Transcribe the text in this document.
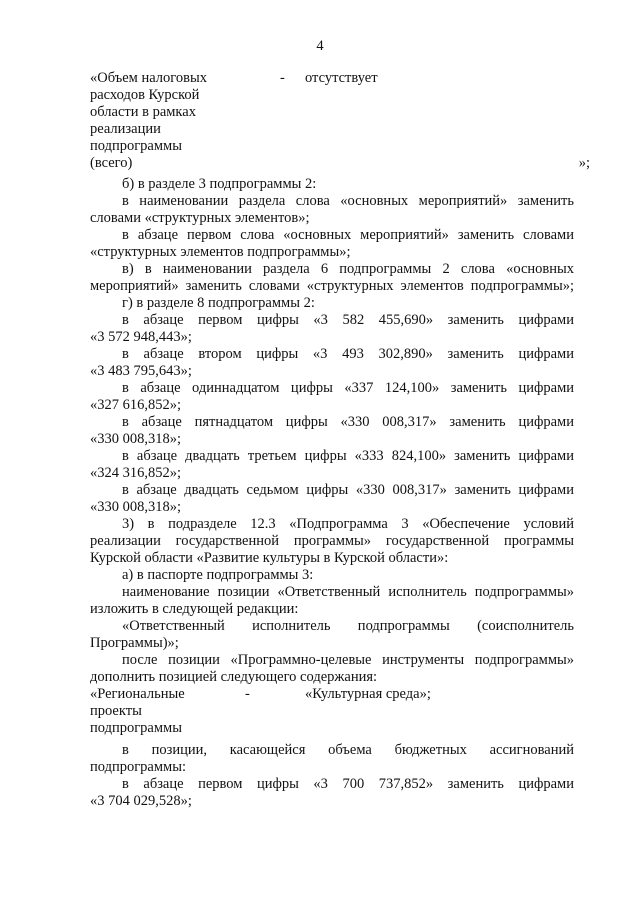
4
«Объем налоговых
расходов Курской
области в рамках
реализации
подпрограммы
(всего)
- отсутствует
»;
б) в разделе 3 подпрограммы 2:
в наименовании раздела слова «основных мероприятий» заменить
словами «структурных элементов»;
в абзаце первом слова «основных мероприятий» заменить словами
«структурных элементов подпрограммы»;
в) в наименовании раздела 6 подпрограммы 2 слова «основных
мероприятий» заменить словами «структурных элементов подпрограммы»;
г) в разделе 8 подпрограммы 2:
в абзаце первом цифры «3 582 455,690» заменить цифрами
«3 572 948,443»;
в абзаце втором цифры «3 493 302,890» заменить цифрами
«3 483 795,643»;
в абзаце одиннадцатом цифры «337 124,100» заменить цифрами
«327 616,852»;
в абзаце пятнадцатом цифры «330 008,317» заменить цифрами
«330 008,318»;
в абзаце двадцать третьем цифры «333 824,100» заменить цифрами
«324 316,852»;
в абзаце двадцать седьмом цифры «330 008,317» заменить цифрами
«330 008,318»;
3) в подразделе 12.3 «Подпрограмма 3 «Обеспечение условий
реализации государственной программы» государственной программы
Курской области «Развитие культуры в Курской области»:
а) в паспорте подпрограммы 3:
наименование позиции «Ответственный исполнитель подпрограммы»
изложить в следующей редакции:
«Ответственный исполнитель подпрограммы (соисполнитель
Программы)»;
после позиции «Программно-целевые инструменты подпрограммы»
дополнить позицией следующего содержания:
«Региональные
проекты
подпрограммы
-	«Культурная среда»;
в позиции, касающейся объема бюджетных ассигнований
подпрограммы:
в абзаце первом цифры «3 700 737,852» заменить цифрами
«3 704 029,528»;
